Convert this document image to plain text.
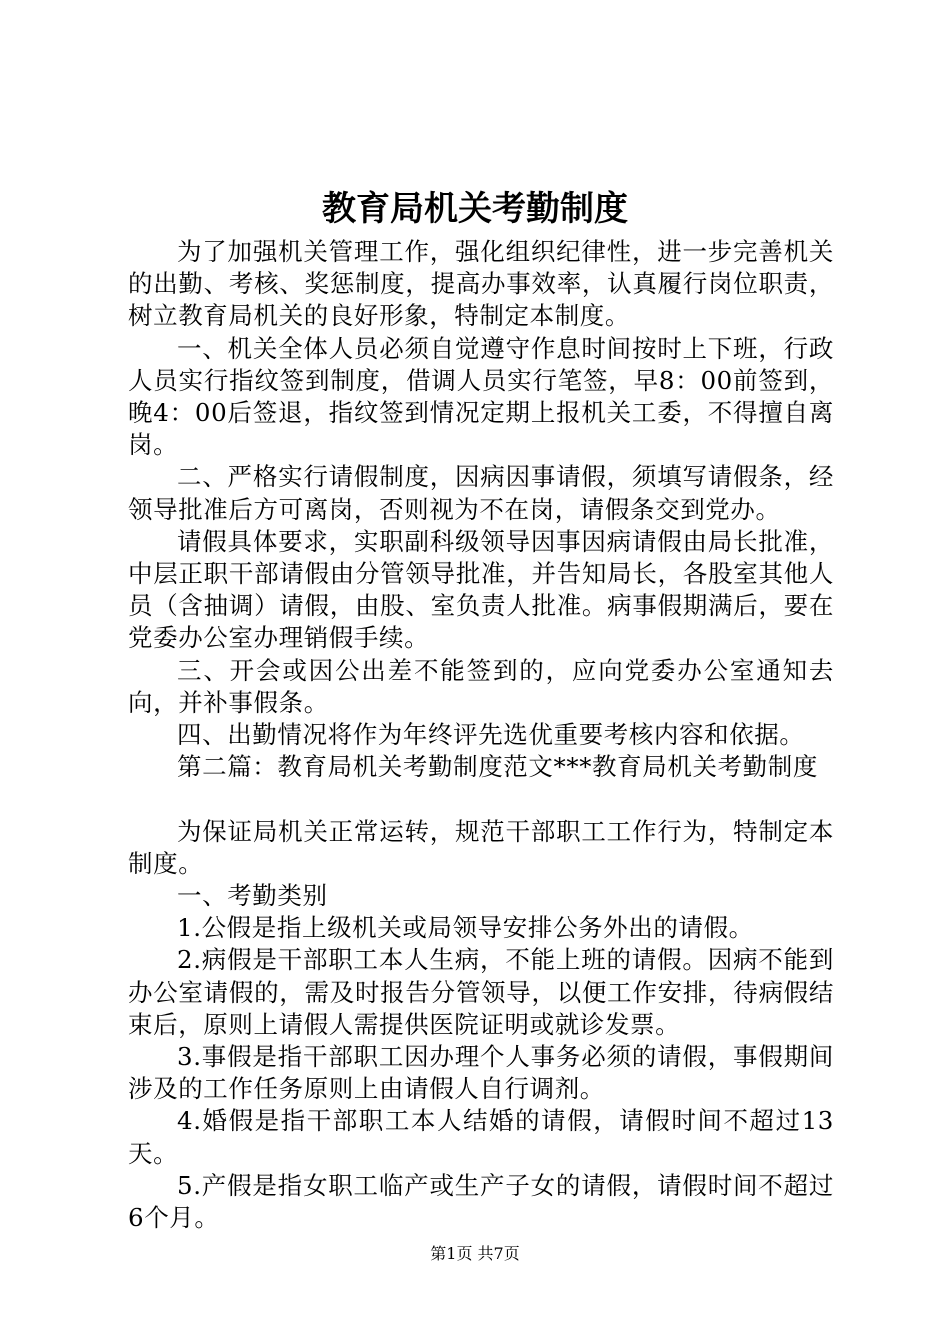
教育局机关考勤制度

为了加强机关管理工作，强化组织纪律性，进一步完善机关的出勤、考核、奖惩制度，提高办事效率，认真履行岗位职责，树立教育局机关的良好形象，特制定本制度。

一、机关全体人员必须自觉遵守作息时间按时上下班，行政人员实行指纹签到制度，借调人员实行笔签，早8：00前签到，晚4：00后签退，指纹签到情况定期上报机关工委，不得擅自离岗。

二、严格实行请假制度，因病因事请假，须填写请假条，经领导批准后方可离岗，否则视为不在岗，请假条交到党办。

请假具体要求，实职副科级领导因事因病请假由局长批准，中层正职干部请假由分管领导批准，并告知局长，各股室其他人员（含抽调）请假，由股、室负责人批准。病事假期满后，要在党委办公室办理销假手续。

三、开会或因公出差不能签到的，应向党委办公室通知去向，并补事假条。

四、出勤情况将作为年终评先选优重要考核内容和依据。

第二篇：教育局机关考勤制度范文***教育局机关考勤制度

为保证局机关正常运转，规范干部职工工作行为，特制定本制度。

一、考勤类别

1.公假是指上级机关或局领导安排公务外出的请假。

2.病假是干部职工本人生病，不能上班的请假。因病不能到办公室请假的，需及时报告分管领导，以便工作安排，待病假结束后，原则上请假人需提供医院证明或就诊发票。

3.事假是指干部职工因办理个人事务必须的请假，事假期间涉及的工作任务原则上由请假人自行调剂。

4.婚假是指干部职工本人结婚的请假，请假时间不超过13天。

5.产假是指女职工临产或生产子女的请假，请假时间不超过6个月。

第1页 共7页
